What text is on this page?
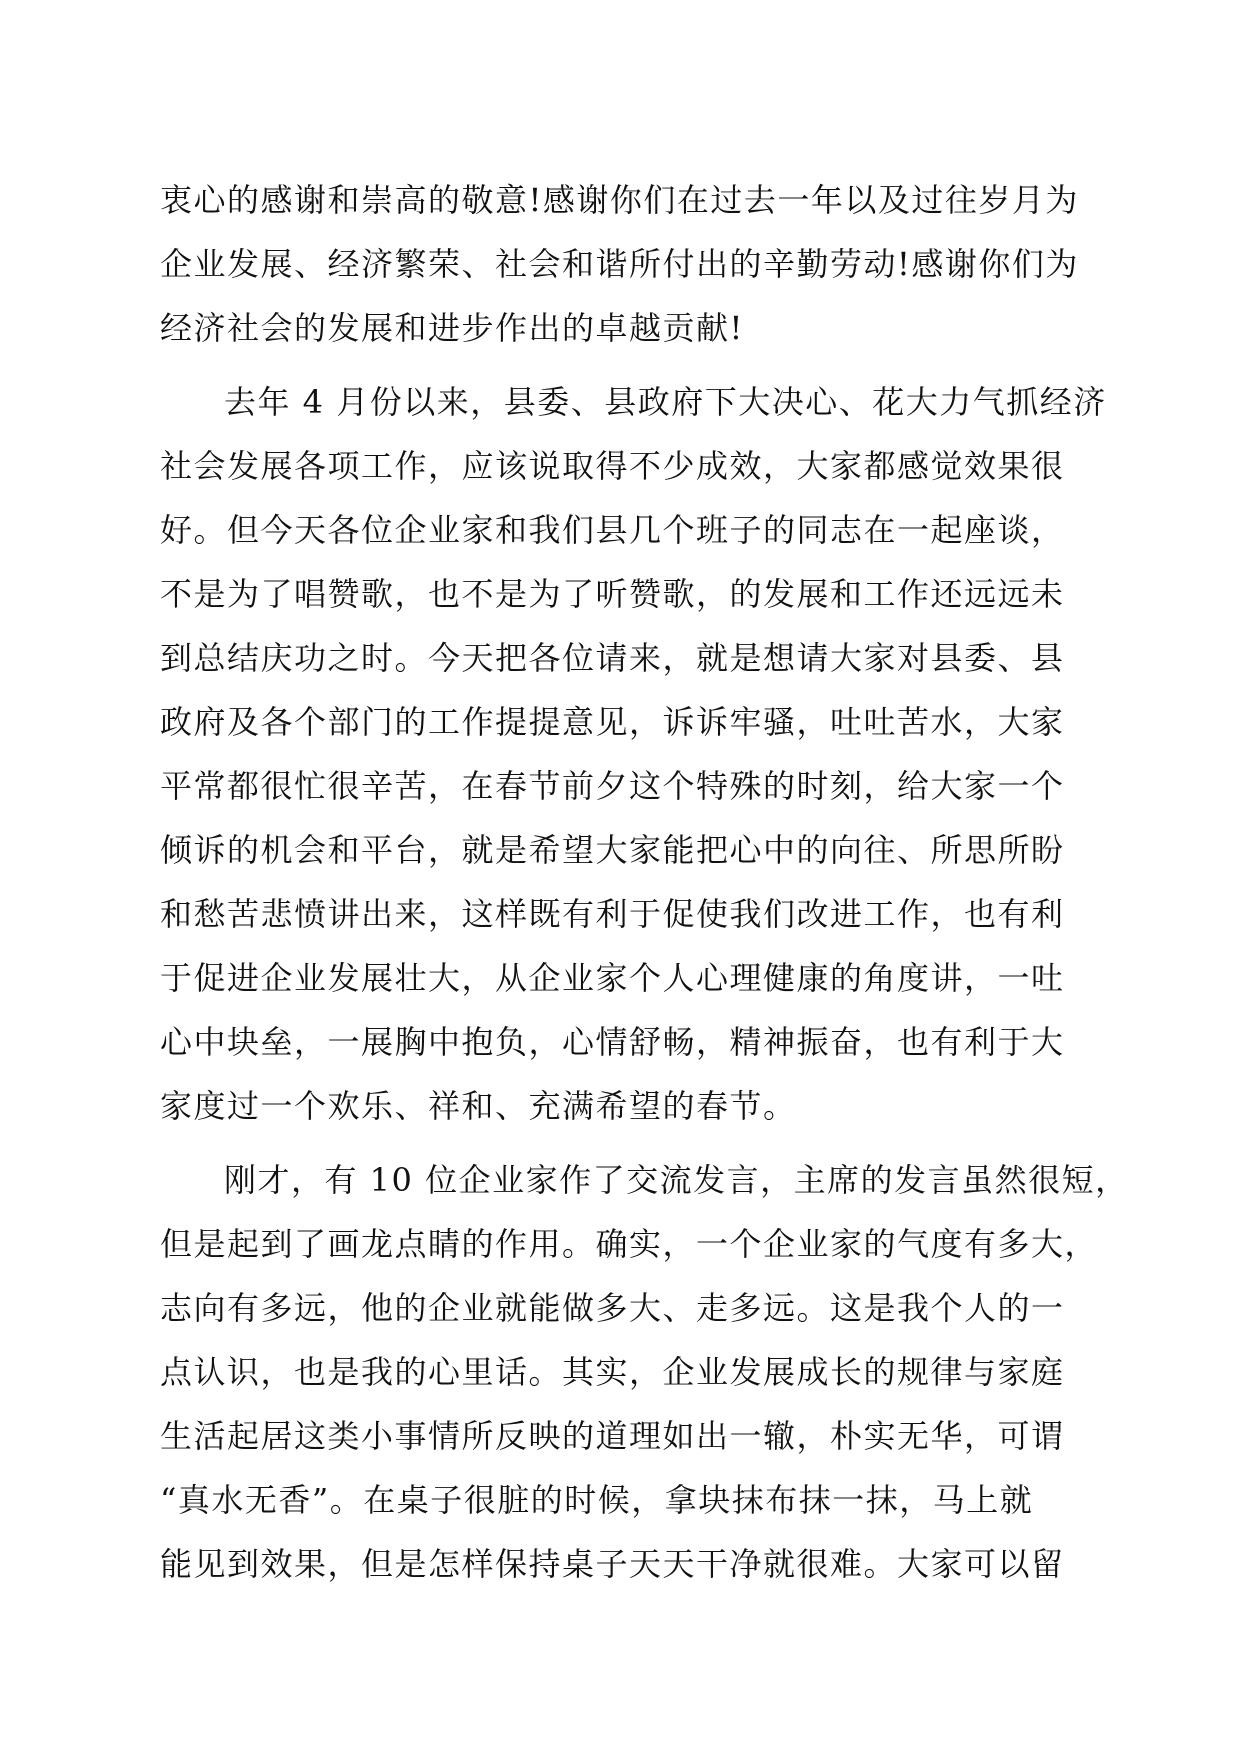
衷心的感谢和崇高的敬意!感谢你们在过去一年以及过往岁月为
企业发展、经济繁荣、社会和谐所付出的辛勤劳动!感谢你们为
经济社会的发展和进步作出的卓越贡献!
去年 4 月份以来，县委、县政府下大决心、花大力气抓经济
社会发展各项工作，应该说取得不少成效，大家都感觉效果很
好。但今天各位企业家和我们县几个班子的同志在一起座谈，
不是为了唱赞歌，也不是为了听赞歌，的发展和工作还远远未
到总结庆功之时。今天把各位请来，就是想请大家对县委、县
政府及各个部门的工作提提意见，诉诉牢骚，吐吐苦水，大家
平常都很忙很辛苦，在春节前夕这个特殊的时刻，给大家一个
倾诉的机会和平台，就是希望大家能把心中的向往、所思所盼
和愁苦悲愤讲出来，这样既有利于促使我们改进工作，也有利
于促进企业发展壮大，从企业家个人心理健康的角度讲，一吐
心中块垒，一展胸中抱负，心情舒畅，精神振奋，也有利于大
家度过一个欢乐、祥和、充满希望的春节。
刚才，有 10 位企业家作了交流发言，主席的发言虽然很短，
但是起到了画龙点睛的作用。确实，一个企业家的气度有多大，
志向有多远，他的企业就能做多大、走多远。这是我个人的一
点认识，也是我的心里话。其实，企业发展成长的规律与家庭
生活起居这类小事情所反映的道理如出一辙，朴实无华，可谓
“真水无香”。在桌子很脏的时候，拿块抹布抹一抹，马上就
能见到效果，但是怎样保持桌子天天干净就很难。大家可以留
